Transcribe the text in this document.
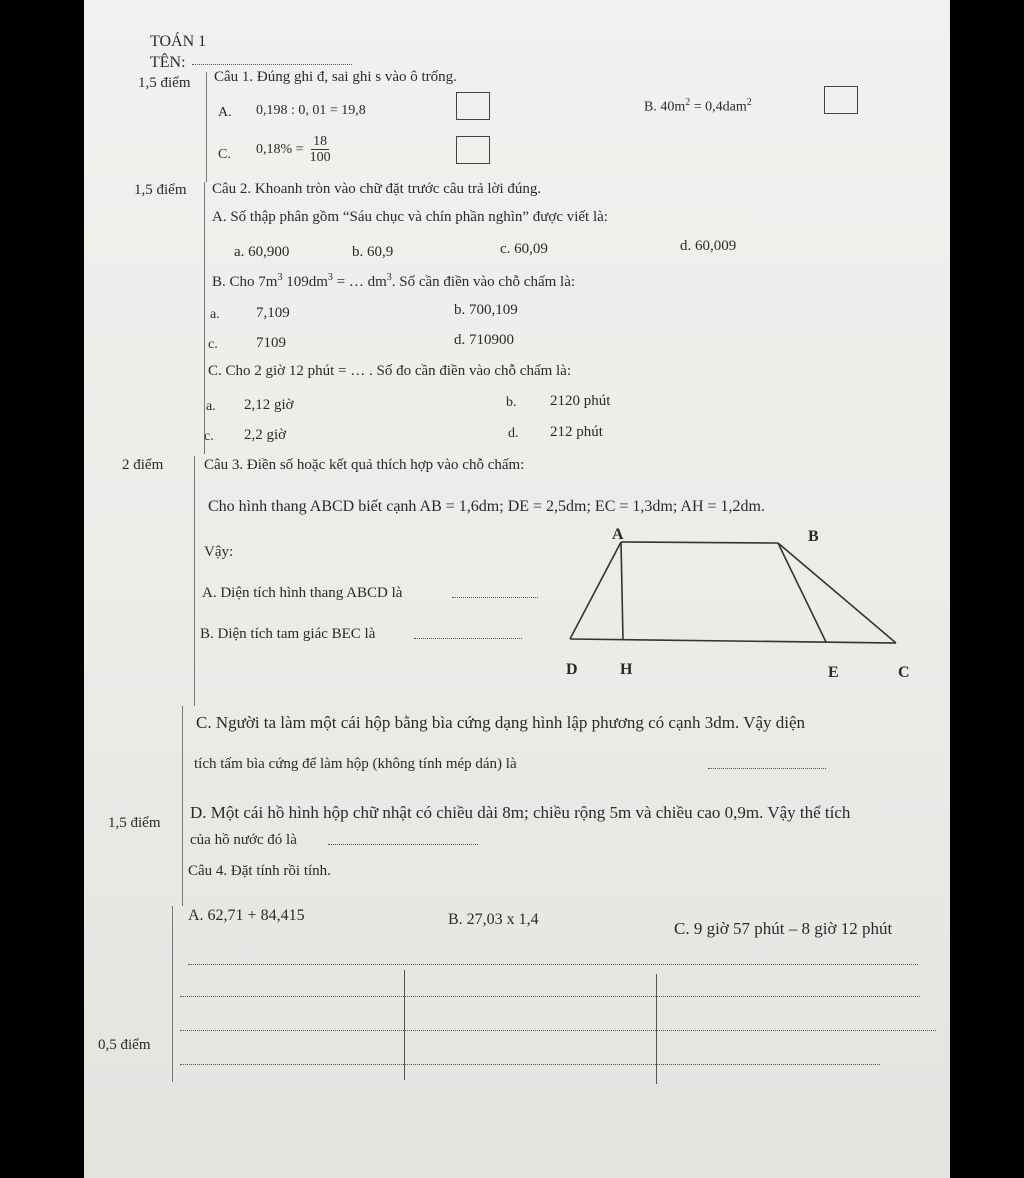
TOÁN 1
TÊN:
1,5 điểm
1,5 điểm
2 điểm
1,5 điểm
0,5 điểm
Câu 1. Đúng ghi đ, sai ghi s vào ô trống.
A. 0,198 : 0, 01 = 19,8	B. $40m^2 = 0,4dam^2$
C. $0,18\% = \frac{18}{100}$
Câu 2. Khoanh tròn vào chữ đặt trước câu trả lời đúng.
A. Số thập phân gồm “Sáu chục và chín phần nghìn” được viết là:
a. 60,900	b. 60,9	c. 60,09	d. 60,009
B. Cho $7m^3$ $109dm^3$ = … $dm^3$. Số cần điền vào chỗ chấm là:
a. 7,109	b. 700,109
c.	7109	d. 710900
C. Cho 2 giờ 12 phút = … . Số đo cần điền vào chỗ chấm là:
a. 2,12 giờ	b. 2120 phút
c. 2,2 giờ	d. 212 phút
Câu 3. Điền số hoặc kết quả thích hợp vào chỗ chấm:
Cho hình thang ABCD biết cạnh AB = 1,6dm; DE = 2,5dm; EC = 1,3dm; AH = 1,2dm.
Vậy:
A. Diện tích hình thang ABCD là
B. Diện tích tam giác BEC là
A	B
D	H	E	C
C. Người ta làm một cái hộp bằng bìa cứng dạng hình lập phương có cạnh 3dm. Vậy diện
tích tấm bìa cứng để làm hộp (không tính mép dán) là
D. Một cái hồ hình hộp chữ nhật có chiều dài 8m; chiều rộng 5m và chiều cao 0,9m. Vậy thể tích
của hồ nước đó là
Câu 4. Đặt tính rồi tính.
A. 62,71 + 84,415	B. 27,03 x 1,4	C. 9 giờ 57 phút – 8 giờ 12 phút
